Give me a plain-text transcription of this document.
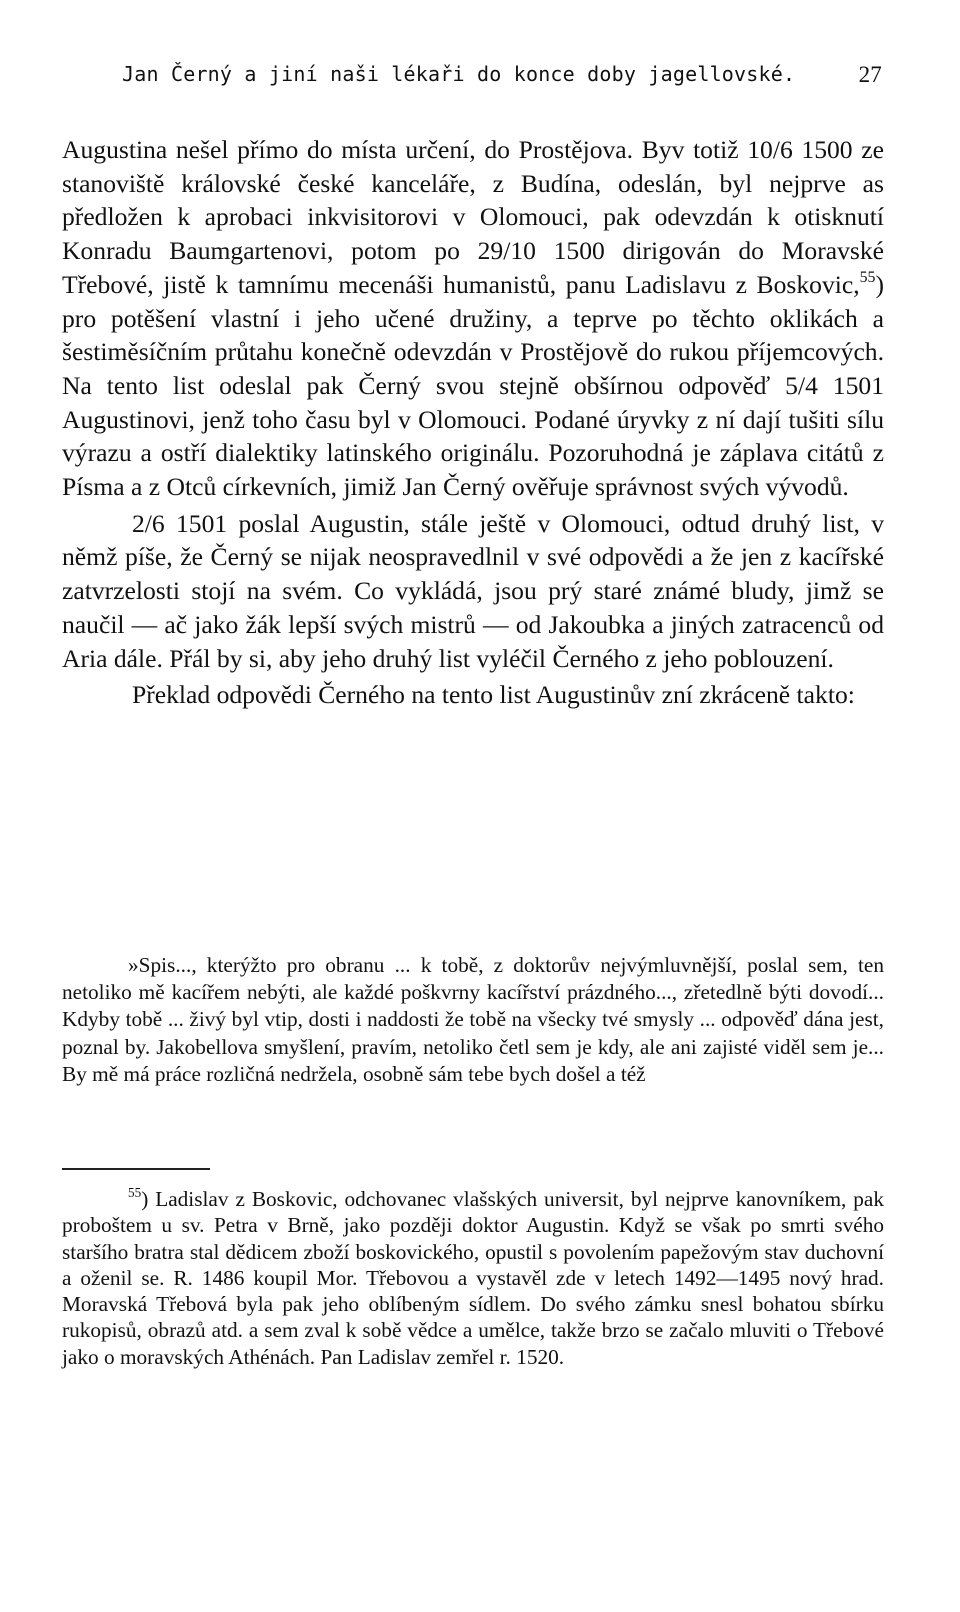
Jan Černý a jiní naši lékaři do konce doby jagellovské.	27

Augustina nešel přímo do místa určení, do Prostějova. Byv totiž 10/6 1500 ze stanoviště královské české kanceláře, z Budína, odeslán, byl nejprve as předložen k aprobaci inkvisitorovi v Olomouci, pak odevzdán k otisknutí Konradu Baumgartenovi, potom po 29/10 1500 dirigován do Moravské Třebové, jistě k tamnímu mecenáši humanistů, panu Ladislavu z Boskovic,$^{55}$) pro potěšení vlastní i jeho učené družiny, a teprve po těchto oklikách a šestiměsíčním průtahu konečně odevzdán v Prostějově do rukou příjemcových. Na tento list odeslal pak Černý svou stejně obšírnou odpověď 5/4 1501 Augustinovi, jenž toho času byl v Olomouci. Podané úryvky z ní dají tušiti sílu výrazu a ostří dialektiky latinského originálu. Pozoruhodná je záplava citátů z Písma a z Otců církevních, jimiž Jan Černý ověřuje správnost svých vývodů.

2/6 1501 poslal Augustin, stále ještě v Olomouci, odtud druhý list, v němž píše, že Černý se nijak neospravedlnil v své odpovědi a že jen z kacířské zatvrzelosti stojí na svém. Co vykládá, jsou prý staré známé bludy, jimž se naučil — ač jako žák lepší svých mistrů — od Jakoubka a jiných zatracenců od Aria dále. Přál by si, aby jeho druhý list vyléčil Černého z jeho poblouzení.

Překlad odpovědi Černého na tento list Augustinův zní zkráceně takto:

»Spis..., kterýžto pro obranu ... k tobě, z doktorův nejvýmluvnější, poslal sem, ten netoliko mě kacířem nebýti, ale každé poškvrny kacířství prázdného..., zřetedlně býti dovodí... Kdyby tobě ... živý byl vtip, dosti i naddosti že tobě na všecky tvé smysly ... odpověď dána jest, poznal by. Jakobellova smyšlení, pravím, netoliko četl sem je kdy, ale ani zajisté viděl sem je... By mě má práce rozličná nedržela, osobně sám tebe bych došel a též

$^{55}$) Ladislav z Boskovic, odchovanec vlašských universit, byl nejprve kanovníkem, pak proboštem u sv. Petra v Brně, jako později doktor Augustin. Když se však po smrti svého staršího bratra stal dědicem zboží boskovického, opustil s povolením papežovým stav duchovní a oženil se. R. 1486 koupil Mor. Třebovou a vystavěl zde v letech 1492—1495 nový hrad. Moravská Třebová byla pak jeho oblíbeným sídlem. Do svého zámku snesl bohatou sbírku rukopisů, obrazů atd. a sem zval k sobě vědce a umělce, takže brzo se začalo mluviti o Třebové jako o moravských Athénách. Pan Ladislav zemřel r. 1520.
